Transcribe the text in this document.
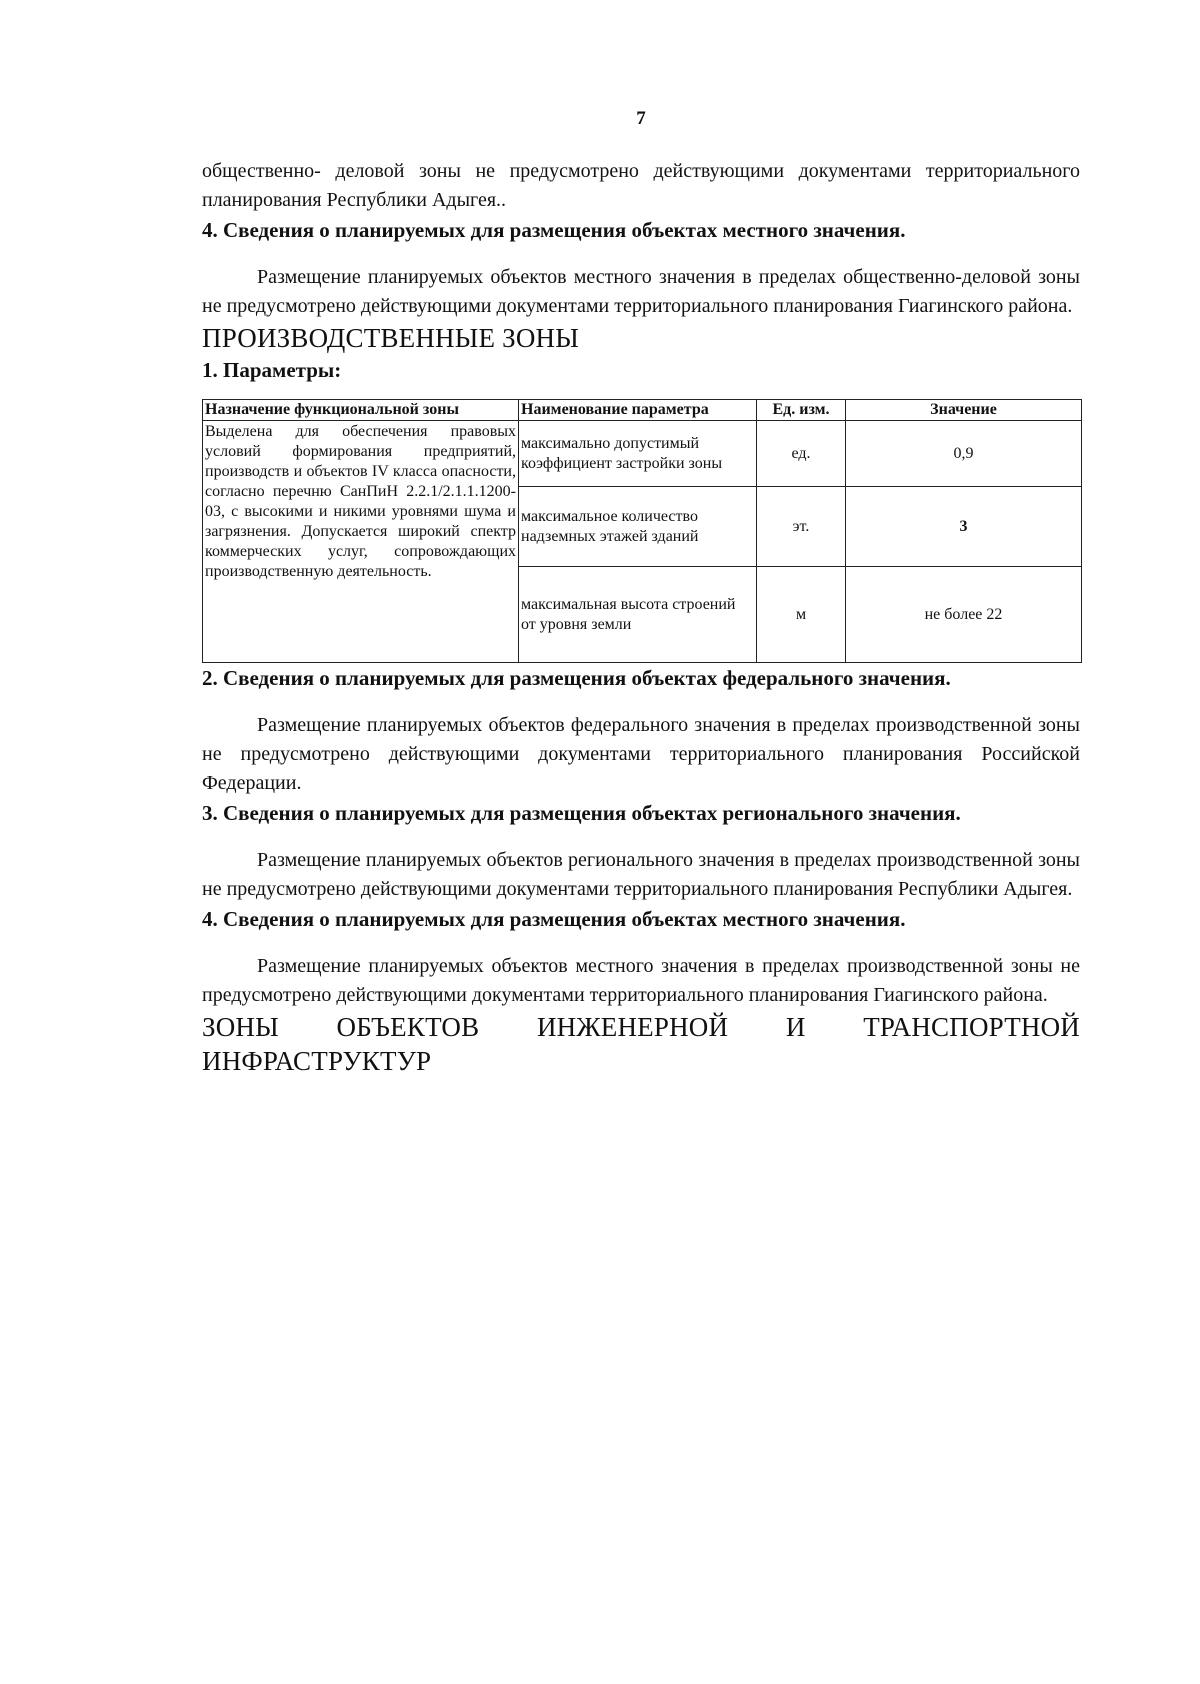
7

общественно- деловой зоны не предусмотрено действующими документами территориального планирования Республики Адыгея..

4. Сведения о планируемых для размещения объектах местного значения.

Размещение планируемых объектов местного значения в пределах общественно-деловой зоны не предусмотрено действующими документами территориального планирования Гиагинского района.

ПРОИЗВОДСТВЕННЫЕ ЗОНЫ
1. Параметры:
Назначение функциональной зоны	Наименование параметра	Ед. изм.	Значение
Выделена для обеспечения правовых условий формирования предприятий, производств и объектов IV класса опасности, согласно перечню СанПиН 2.2.1/2.1.1.1200-03, с высокими и никими уровнями шума и загрязнения. Допускается широкий спектр коммерческих услуг, сопровождающих производственную деятельность.	максимально допустимый коэффициент застройки зоны	ед.	0,9
	максимальное количество надземных этажей зданий	эт.	3
	максимальная высота строений от уровня земли	м	не более 22
2. Сведения о планируемых для размещения объектах федерального значения.

Размещение планируемых объектов федерального значения в пределах производственной зоны не предусмотрено действующими документами территориального планирования Российской Федерации.

3. Сведения о планируемых для размещения объектах регионального значения.

Размещение планируемых объектов регионального значения в пределах производственной зоны не предусмотрено действующими документами территориального планирования Республики Адыгея.

4. Сведения о планируемых для размещения объектах местного значения.

Размещение планируемых объектов местного значения в пределах производственной зоны не предусмотрено действующими документами территориального планирования Гиагинского района.

ЗОНЫ ОБЪЕКТОВ ИНЖЕНЕРНОЙ И ТРАНСПОРТНОЙ ИНФРАСТРУКТУР
